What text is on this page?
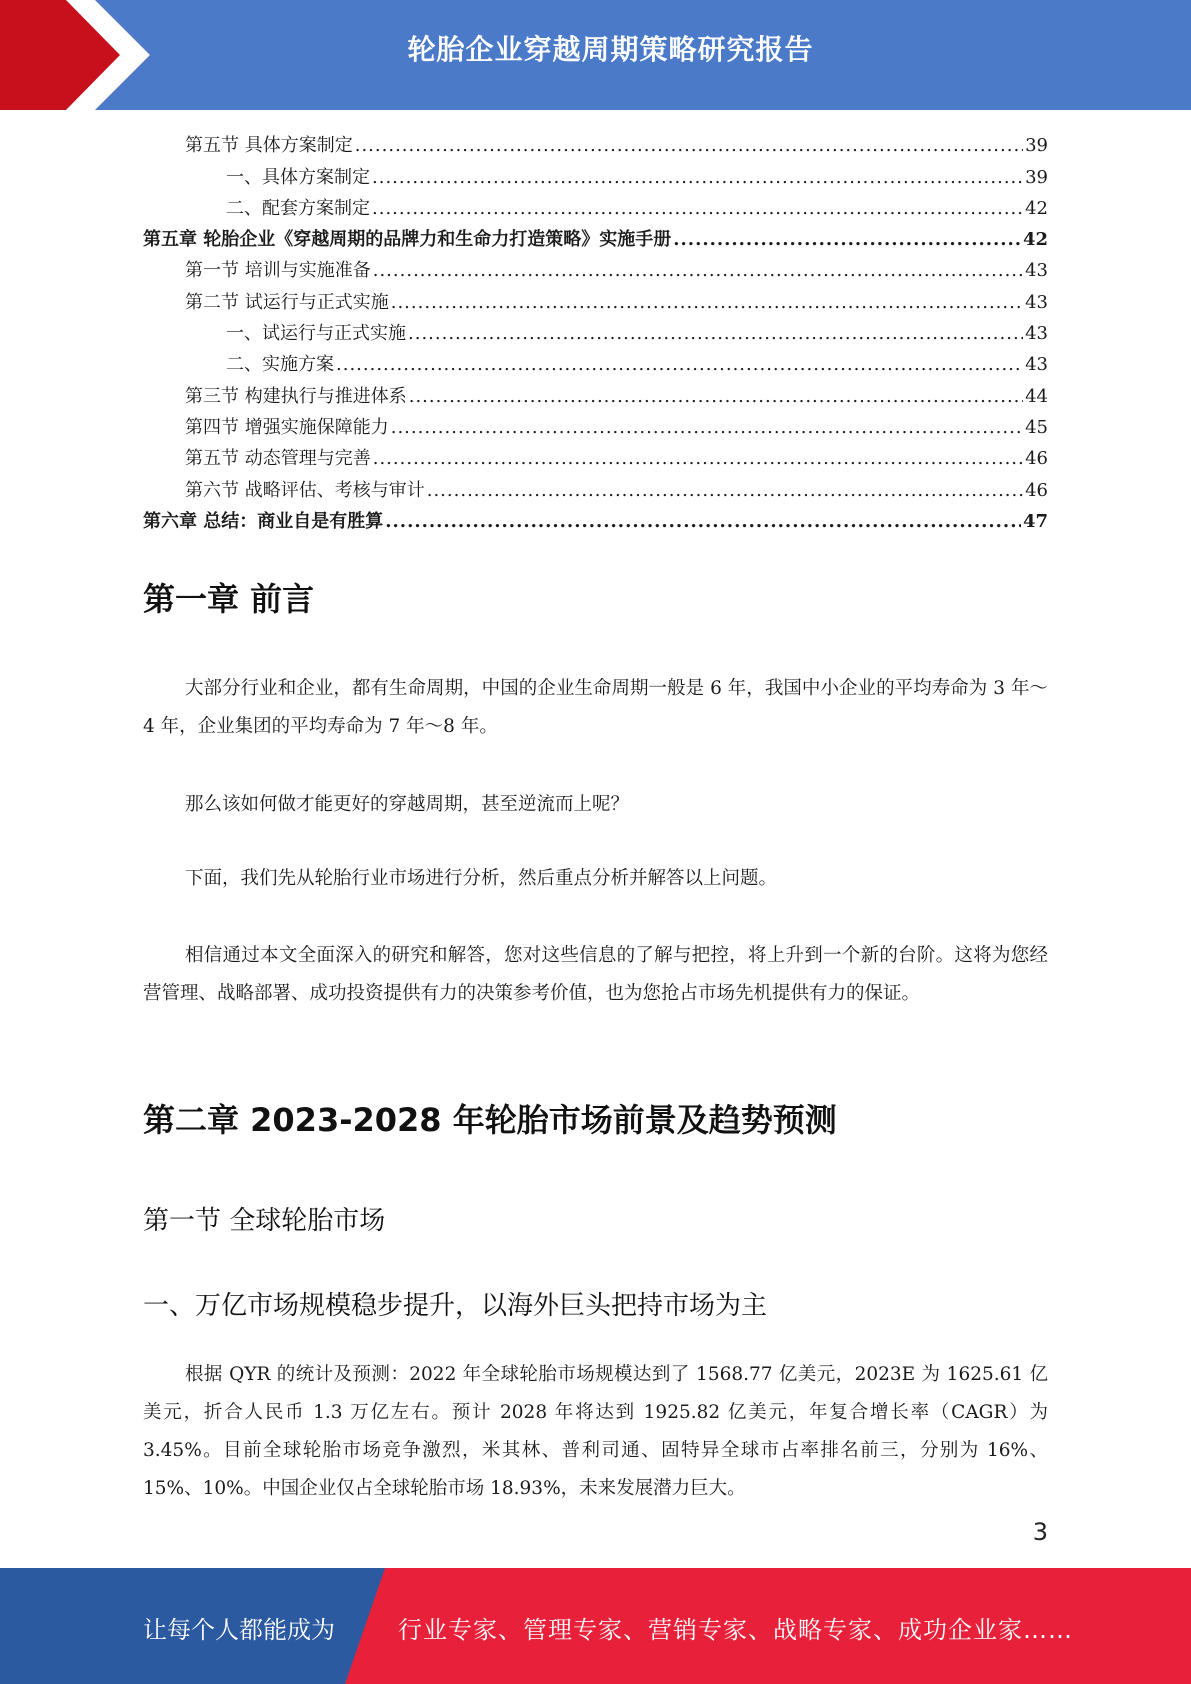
轮胎企业穿越周期策略研究报告
第五节 具体方案制定 .....	39
一、具体方案制定 .....	39
二、配套方案制定 .....	42
第五章 轮胎企业《穿越周期的品牌力和生命力打造策略》实施手册 .....	42
第一节 培训与实施准备 .....	43
第二节 试运行与正式实施 .....	43
一、试运行与正式实施 .....	43
二、实施方案 .....	43
第三节 构建执行与推进体系 .....	44
第四节 增强实施保障能力 .....	45
第五节 动态管理与完善 .....	46
第六节 战略评估、考核与审计 .....	46
第六章 总结：商业自是有胜算 .....	47
第一章 前言

大部分行业和企业，都有生命周期，中国的企业生命周期一般是 6 年，我国中小企业的平均寿命为 3 年～4 年，企业集团的平均寿命为 7 年～8 年。

那么该如何做才能更好的穿越周期，甚至逆流而上呢？

下面，我们先从轮胎行业市场进行分析，然后重点分析并解答以上问题。

相信通过本文全面深入的研究和解答，您对这些信息的了解与把控，将上升到一个新的台阶。这将为您经营管理、战略部署、成功投资提供有力的决策参考价值，也为您抢占市场先机提供有力的保证。

第二章 2023-2028 年轮胎市场前景及趋势预测
第一节 全球轮胎市场
一、万亿市场规模稳步提升，以海外巨头把持市场为主

根据 QYR 的统计及预测：2022 年全球轮胎市场规模达到了 1568.77 亿美元，2023E 为 1625.61 亿美元，折合人民币 1.3 万亿左右。预计 2028 年将达到 1925.82 亿美元，年复合增长率（CAGR）为 3.45%。目前全球轮胎市场竞争激烈，米其林、普利司通、固特异全球市占率排名前三，分别为 16%、15%、10%。中国企业仅占全球轮胎市场 18.93%，未来发展潜力巨大。

3
让每个人都能成为	行业专家、管理专家、营销专家、战略专家、成功企业家……
